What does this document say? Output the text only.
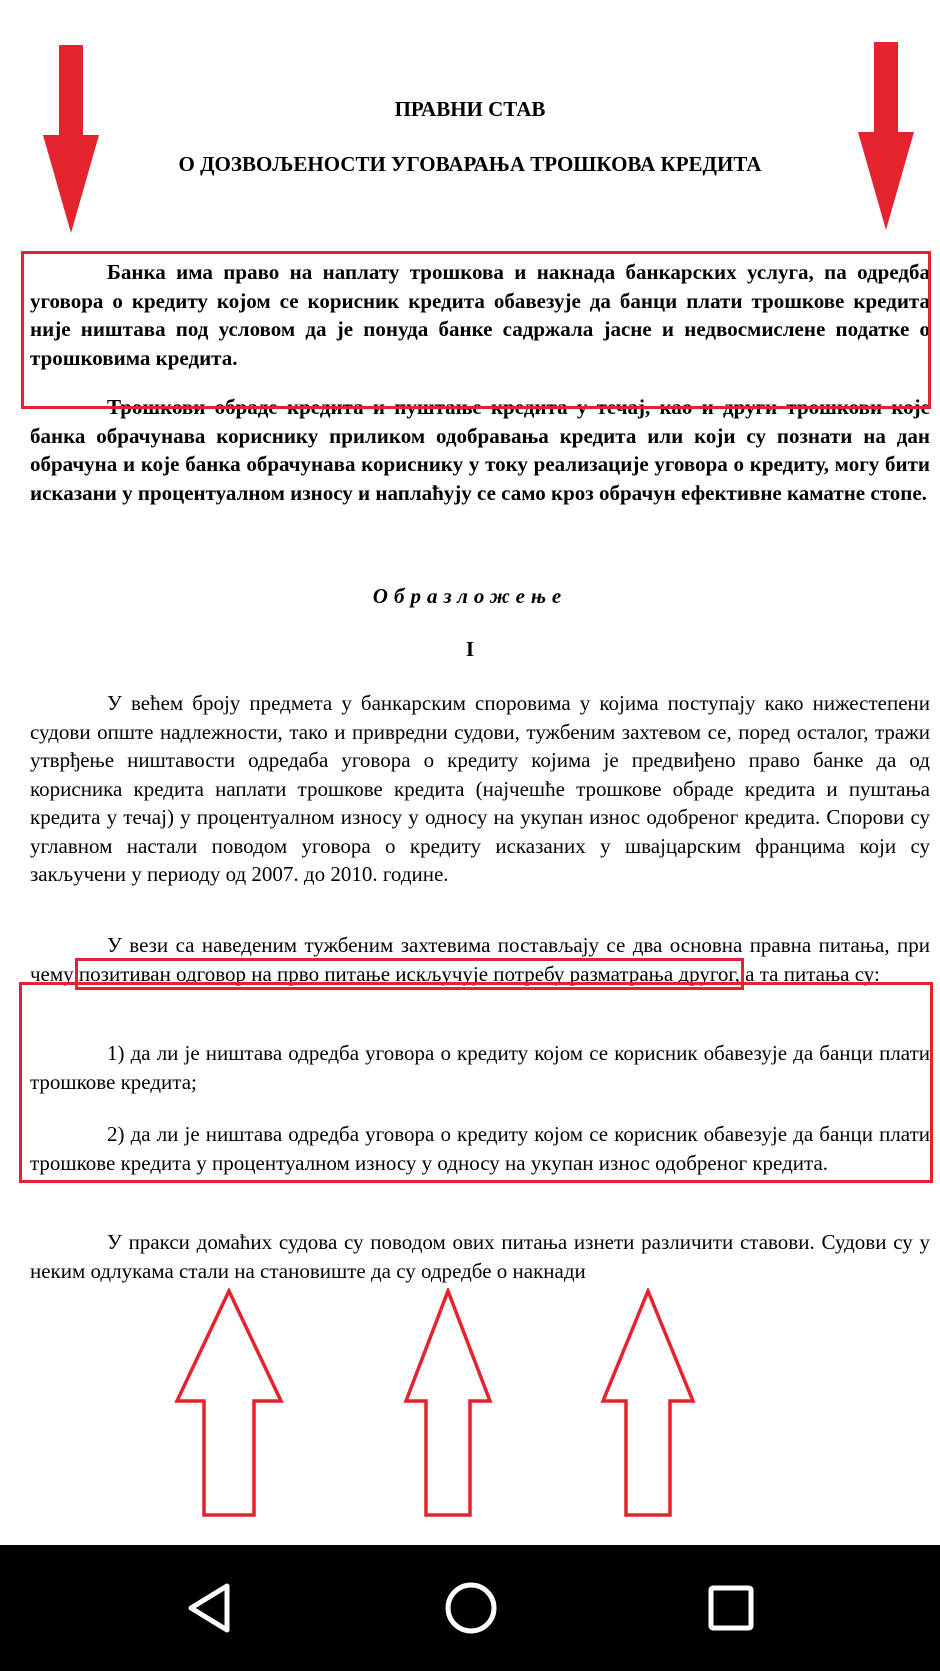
ПРАВНИ СТАВ
О ДОЗВОЉЕНОСТИ УГОВАРАЊА ТРОШКОВА КРЕДИТА

Банка има право на наплату трошкова и накнада банкарских услуга, па одредба уговора о кредиту којом се корисник кредита обавезује да банци плати трошкове кредита није ништава под условом да је понуда банке садржала јасне и недвосмислене податке о трошковима кредита.

Трошкови обраде кредита и пуштање кредита у течај, као и други трошкови које банка обрачунава кориснику приликом одобравања кредита или који су познати на дан обрачуна и које банка обрачунава кориснику у току реализације уговора о кредиту, могу бити исказани у процентуалном износу и наплаћују се само кроз обрачун ефективне каматне стопе.

Образложење
I

У већем броју предмета у банкарским споровима у којима поступају како нижестепени судови опште надлежности, тако и привредни судови, тужбеним захтевом се, поред осталог, тражи утврђење ништавости одредаба уговора о кредиту којима је предвиђено право банке да од корисника кредита наплати трошкове кредита (најчешће трошкове обраде кредита и пуштања кредита у течај) у процентуалном износу у односу на укупан износ одобреног кредита. Спорови су углавном настали поводом уговора о кредиту исказаних у швајцарским францима који су закључени у периоду од 2007. до 2010. године.

У вези са наведеним тужбеним захтевима постављају се два основна правна питања, при чему позитиван одговор на прво питање искључује потребу разматрања другог, а та питања су:

1) да ли је ништава одредба уговора о кредиту којом се корисник обавезује да банци плати трошкове кредита;

2) да ли је ништава одредба уговора о кредиту којом се корисник обавезује да банци плати трошкове кредита у процентуалном износу у односу на укупан износ одобреног кредита.

У пракси домаћих судова су поводом ових питања изнети различити ставови. Судови су у неким одлукама стали на становиште да су одредбе о накнади
